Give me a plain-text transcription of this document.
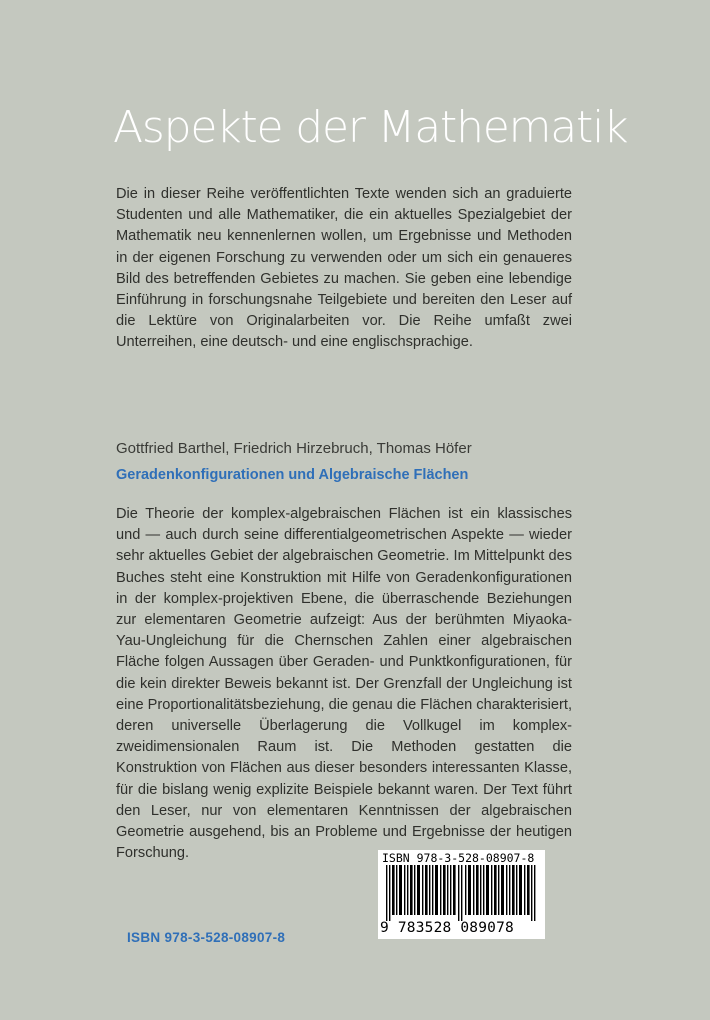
Aspekte der Mathematik

Die in dieser Reihe veröffentlichten Texte wenden sich an graduierte Studenten und alle Mathematiker, die ein aktuelles Spezialgebiet der Mathematik neu kennenlernen wollen, um Ergebnisse und Methoden in der eigenen Forschung zu verwenden oder um sich ein genaueres Bild des betreffenden Gebietes zu machen. Sie geben eine lebendige Einführung in forschungsnahe Teilgebiete und bereiten den Leser auf die Lektüre von Originalarbeiten vor. Die Reihe umfaßt zwei Unterreihen, eine deutsch- und eine englischsprachige.

Gottfried Barthel, Friedrich Hirzebruch, Thomas Höfer

Geradenkonfigurationen und Algebraische Flächen

Die Theorie der komplex-algebraischen Flächen ist ein klassisches und — auch durch seine differentialgeometrischen Aspekte — wieder sehr aktuelles Gebiet der algebraischen Geometrie. Im Mittelpunkt des Buches steht eine Konstruktion mit Hilfe von Geradenkonfigurationen in der komplex-projektiven Ebene, die überraschende Beziehungen zur elementaren Geometrie aufzeigt: Aus der berühmten Miyaoka-Yau-Ungleichung für die Chernschen Zahlen einer algebraischen Fläche folgen Aussagen über Geraden- und Punktkonfigurationen, für die kein direkter Beweis bekannt ist. Der Grenzfall der Ungleichung ist eine Proportionalitätsbeziehung, die genau die Flächen charakterisiert, deren universelle Überlagerung die Vollkugel im komplex-zweidimensionalen Raum ist. Die Methoden gestatten die Konstruktion von Flächen aus dieser besonders interessanten Klasse, für die bislang wenig explizite Beispiele bekannt waren. Der Text führt den Leser, nur von elementaren Kenntnissen der algebraischen Geometrie ausgehend, bis an Probleme und Ergebnisse der heutigen Forschung.

ISBN 978-3-528-08907-8

ISBN 978-3-528-08907-8

9 783528 089078
